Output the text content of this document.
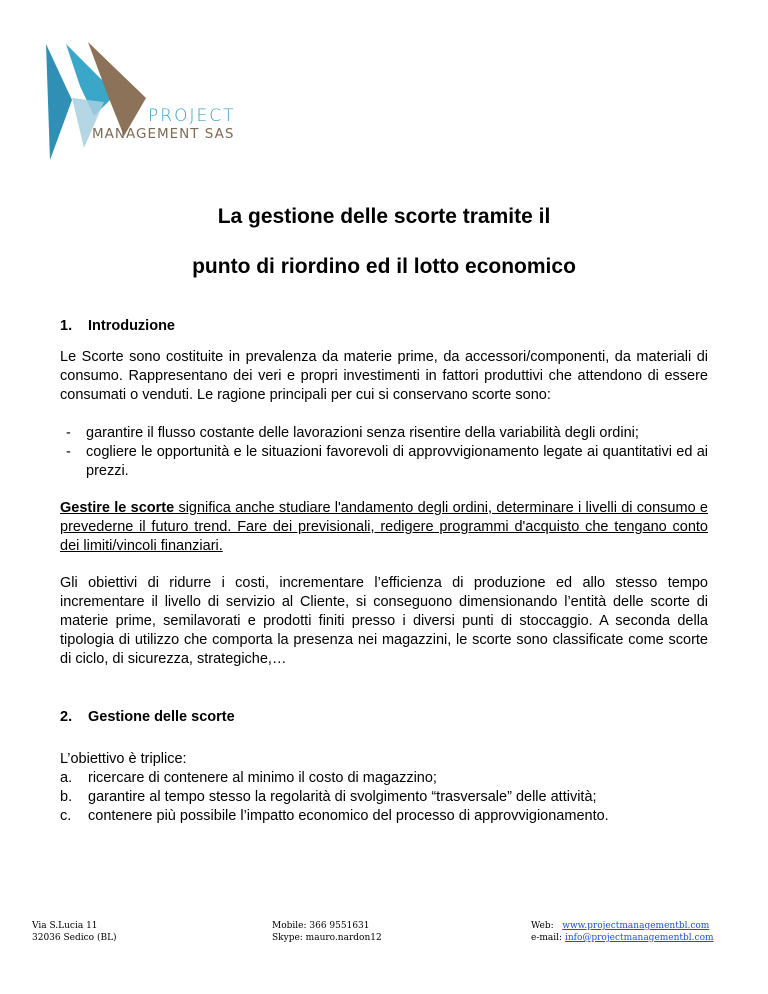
PROJECT
MANAGEMENT SAS
La gestione delle scorte tramite il
punto di riordino ed il lotto economico
1. Introduzione
Le Scorte sono costituite in prevalenza da materie prime, da accessori/componenti, da materiali di consumo. Rappresentano dei veri e propri investimenti in fattori produttivi che attendono di essere consumati o venduti. Le ragione principali per cui si conservano scorte sono:
- garantire il flusso costante delle lavorazioni senza risentire della variabilità degli ordini;
- cogliere le opportunità e le situazioni favorevoli di approvvigionamento legate ai quantitativi ed ai prezzi.
Gestire le scorte significa anche studiare l'andamento degli ordini, determinare i livelli di consumo e prevederne il futuro trend. Fare dei previsionali, redigere programmi d'acquisto che tengano conto dei limiti/vincoli finanziari.
Gli obiettivi di ridurre i costi, incrementare l’efficienza di produzione ed allo stesso tempo incrementare il livello di servizio al Cliente, si conseguono dimensionando l’entità delle scorte di materie prime, semilavorati e prodotti finiti presso i diversi punti di stoccaggio. A seconda della tipologia di utilizzo che comporta la presenza nei magazzini, le scorte sono classificate come scorte di ciclo, di sicurezza, strategiche,…
2. Gestione delle scorte
L’obiettivo è triplice:
a. ricercare di contenere al minimo il costo di magazzino;
b. garantire al tempo stesso la regolarità di svolgimento “trasversale” delle attività;
c. contenere più possibile l’impatto economico del processo di approvvigionamento.
Via S.Lucia 11
32036 Sedico (BL)
Mobile: 366 9551631
Skype: mauro.nardon12
Web: www.projectmanagementbl.com
e-mail: info@projectmanagementbl.com
